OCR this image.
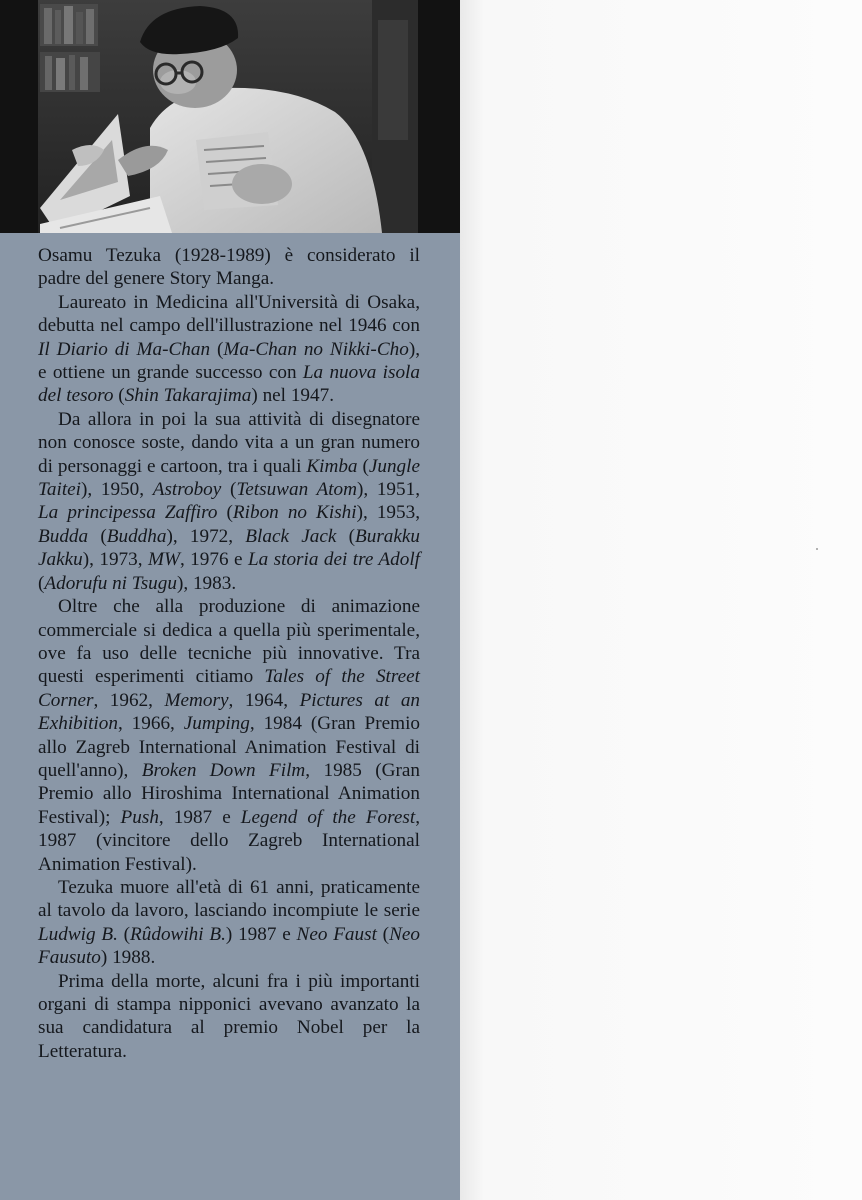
Osamu Tezuka (1928-1989) è considerato il padre del genere Story Manga.

Laureato in Medicina all'Università di Osaka, debutta nel campo dell'illustrazione nel 1946 con Il Diario di Ma-Chan (Ma-Chan no Nikki-Cho), e ottiene un grande successo con La nuova isola del tesoro (Shin Takarajima) nel 1947.

Da allora in poi la sua attività di disegnatore non conosce soste, dando vita a un gran numero di personaggi e cartoon, tra i quali Kimba (Jungle Taitei), 1950, Astroboy (Tetsuwan Atom), 1951, La principessa Zaffiro (Ribon no Kishi), 1953, Budda (Buddha), 1972, Black Jack (Burakku Jakku), 1973, MW, 1976 e La storia dei tre Adolf (Adorufu ni Tsugu), 1983.

Oltre che alla produzione di animazione commerciale si dedica a quella più sperimentale, ove fa uso delle tecniche più innovative. Tra questi esperimenti citiamo Tales of the Street Corner, 1962, Memory, 1964, Pictures at an Exhibition, 1966, Jumping, 1984 (Gran Premio allo Zagreb International Animation Festival di quell'anno), Broken Down Film, 1985 (Gran Premio allo Hiroshima International Animation Festival); Push, 1987 e Legend of the Forest, 1987 (vincitore dello Zagreb International Animation Festival).

Tezuka muore all'età di 61 anni, praticamente al tavolo da lavoro, lasciando incompiute le serie Ludwig B. (Rûdowihi B.) 1987 e Neo Faust (Neo Fausuto) 1988.

Prima della morte, alcuni fra i più importanti organi di stampa nipponici avevano avanzato la sua candidatura al premio Nobel per la Letteratura.
